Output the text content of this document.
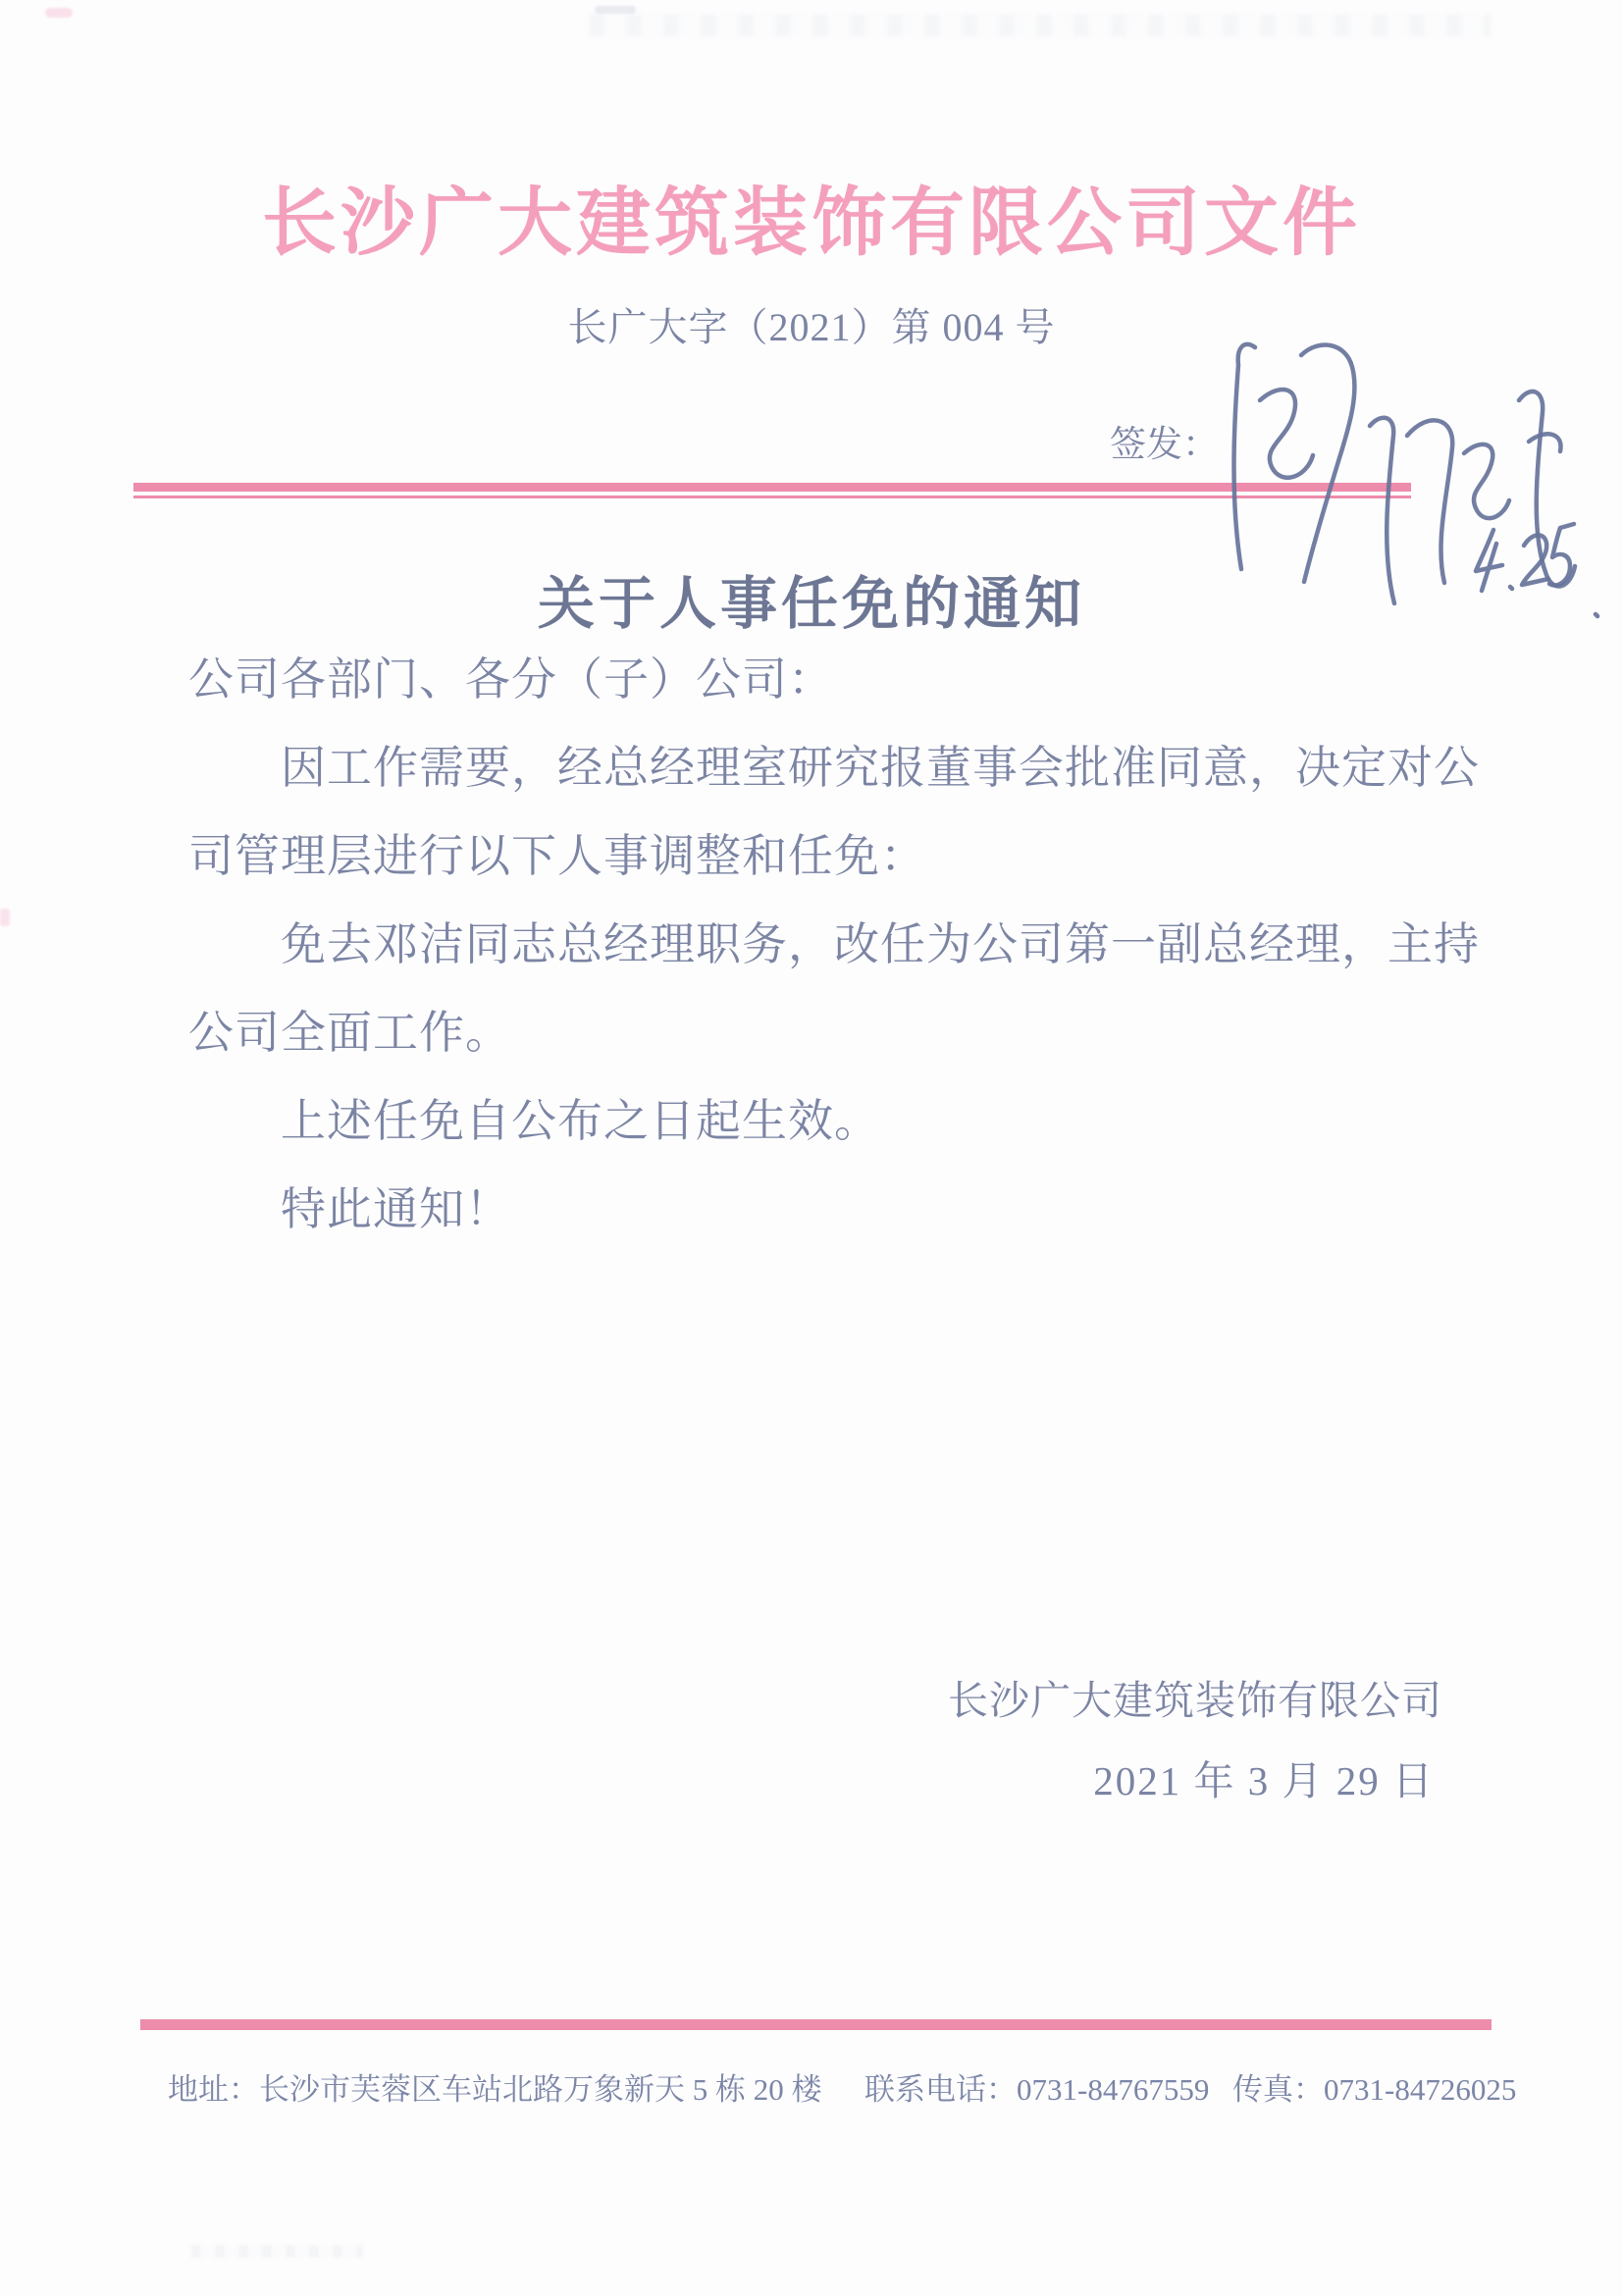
长沙广大建筑装饰有限公司文件
长广大字（2021）第 004 号
签发：
关于人事任免的通知
公司各部门、各分（子）公司：
因工作需要，经总经理室研究报董事会批准同意，决定对公
司管理层进行以下人事调整和任免：
免去邓洁同志总经理职务，改任为公司第一副总经理，主持
公司全面工作。
上述任免自公布之日起生效。
特此通知！
长沙广大建筑装饰有限公司
2021 年 3 月 29 日
地址：长沙市芙蓉区车站北路万象新天 5 栋 20 楼 联系电话：0731-84767559 传真：0731-84726025
